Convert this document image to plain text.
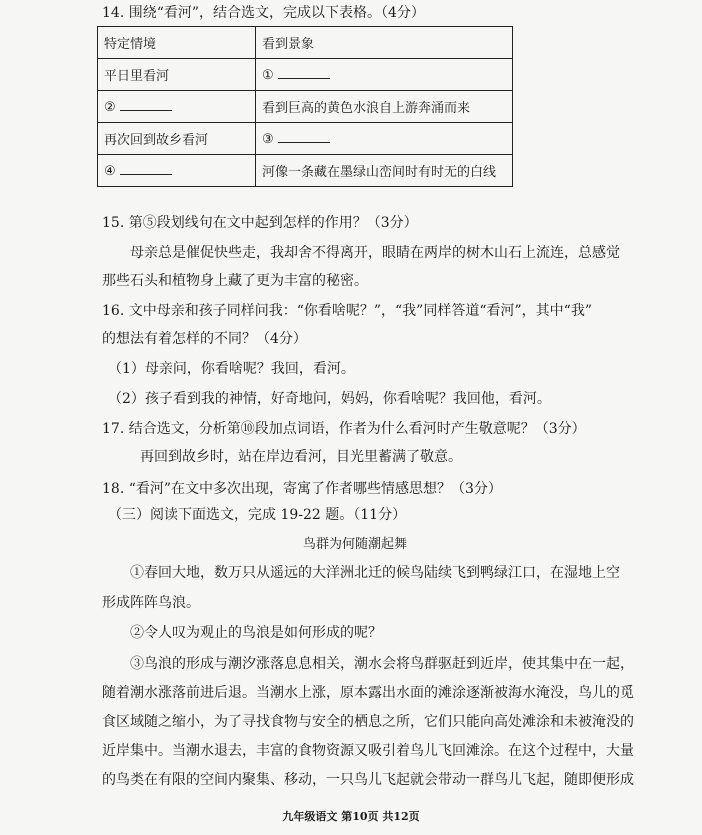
14. 围绕“看河”，结合选文，完成以下表格。（4分）
特定情境	看到景象
平日里看河	①
②	看到巨高的黄色水浪自上游奔涌而来
再次回到故乡看河	③
④	河像一条藏在墨绿山峦间时有时无的白线
15. 第⑤段划线句在文中起到怎样的作用？（3分）
母亲总是催促快些走，我却舍不得离开，眼睛在两岸的树木山石上流连，总感觉
那些石头和植物身上藏了更为丰富的秘密。
16. 文中母亲和孩子同样问我：“你看啥呢？”，“我”同样答道“看河”，其中“我”
的想法有着怎样的不同？（4分）
（1）母亲问，你看啥呢？我回，看河。
（2）孩子看到我的神情，好奇地问，妈妈，你看啥呢？我回他，看河。
17. 结合选文，分析第⑩段加点词语，作者为什么看河时产生敬意呢？（3分）
再回到故乡时，站在岸边看河，目光里蓄满了敬意。
18. “看河”在文中多次出现，寄寓了作者哪些情感思想？（3分）
（三）阅读下面选文，完成 19-22 题。（11分）
鸟群为何随潮起舞
①春回大地，数万只从遥远的大洋洲北迁的候鸟陆续飞到鸭绿江口，在湿地上空
形成阵阵鸟浪。
②令人叹为观止的鸟浪是如何形成的呢？
③鸟浪的形成与潮汐涨落息息相关，潮水会将鸟群驱赶到近岸，使其集中在一起，
随着潮水涨落前进后退。当潮水上涨，原本露出水面的滩涂逐渐被海水淹没，鸟儿的觅
食区域随之缩小，为了寻找食物与安全的栖息之所，它们只能向高处滩涂和未被淹没的
近岸集中。当潮水退去，丰富的食物资源又吸引着鸟儿飞回滩涂。在这个过程中，大量
的鸟类在有限的空间内聚集、移动，一只鸟儿飞起就会带动一群鸟儿飞起，随即便形成
九年级语文 第10页 共12页
